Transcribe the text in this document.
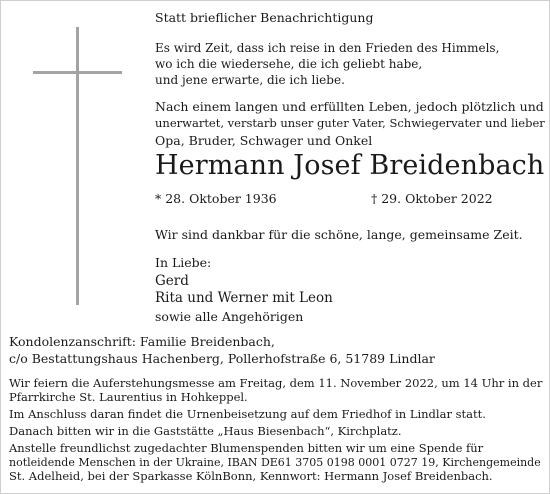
Statt brieflicher Benachrichtigung
Es wird Zeit, dass ich reise in den Frieden des Himmels,
wo ich die wiedersehe, die ich geliebt habe,
und jene erwarte, die ich liebe.
Nach einem langen und erfüllten Leben, jedoch plötzlich und
unerwartet, verstarb unser guter Vater, Schwiegervater und lieber
Opa, Bruder, Schwager und Onkel
Hermann Josef Breidenbach
* 28. Oktober 1936	† 29. Oktober 2022
Wir sind dankbar für die schöne, lange, gemeinsame Zeit.
In Liebe:
Gerd
Rita und Werner mit Leon
sowie alle Angehörigen
Kondolenzanschrift: Familie Breidenbach,
c/o Bestattungshaus Hachenberg, Pollerhofstraße 6, 51789 Lindlar
Wir feiern die Auferstehungsmesse am Freitag, dem 11. November 2022, um 14 Uhr in der
Pfarrkirche St. Laurentius in Hohkeppel.
Im Anschluss daran findet die Urnenbeisetzung auf dem Friedhof in Lindlar statt.
Danach bitten wir in die Gaststätte „Haus Biesenbach“, Kirchplatz.
Anstelle freundlichst zugedachter Blumenspenden bitten wir um eine Spende für
notleidende Menschen in der Ukraine, IBAN DE61 3705 0198 0001 0727 19, Kirchengemeinde
St. Adelheid, bei der Sparkasse KölnBonn, Kennwort: Hermann Josef Breidenbach.
